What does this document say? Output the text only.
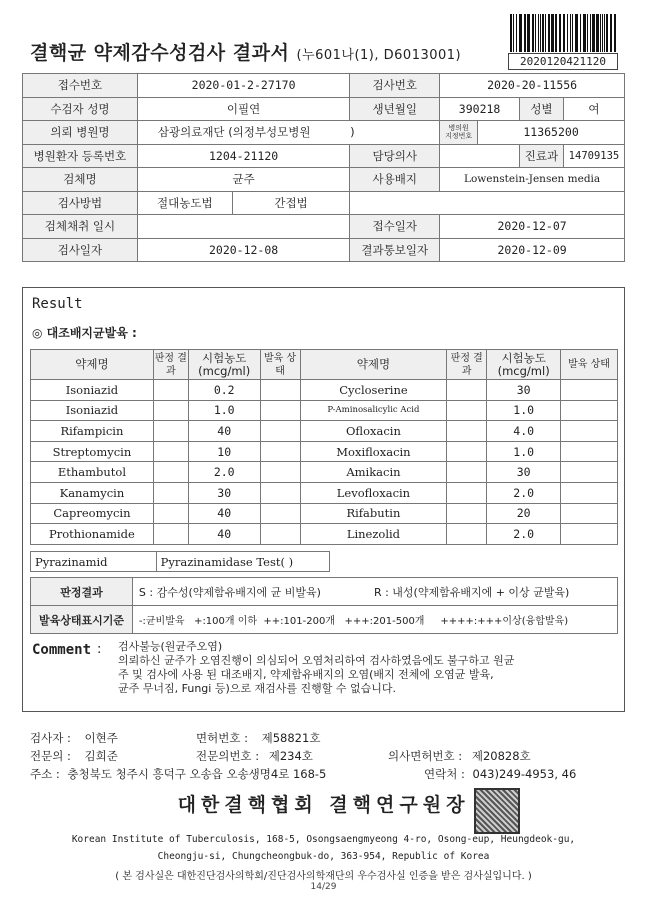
결핵균 약제감수성검사 결과서 (누601나(1), D6013001)	2020120421120
접수번호	2020-01-2-27170		검사번호	2020-20-11556			
수검자 성명	이필연		생년월일	390218		성별	여
의뢰 병원명	삼광의료재단 (의정부성모병원 )			병의원 지정번호	11365200		
병원환자 등록번호	1204-21120		담당의사			진료과	14709135
검체명	균주		사용배지	Lowenstein-Jensen media			
검사방법	절대농도법	간접법					
검체채취 일시			접수일자	2020-12-07			
검사일자	2020-12-08		결과통보일자	2020-12-09			
Result
◎ 대조배지균발육 :
약제명	판정 결과	시험농도 (mcg/ml)	발육 상태	약제명	판정 결과	시험농도 (mcg/ml)	발육 상태
Isoniazid		0.2		Cycloserine		30	
Isoniazid		1.0		P-Aminosalicylic Acid		1.0	
Rifampicin		40		Ofloxacin		4.0	
Streptomycin		10		Moxifloxacin		1.0	
Ethambutol		2.0		Amikacin		30	
Kanamycin		30		Levofloxacin		2.0	
Capreomycin		40		Rifabutin		20	
Prothionamide		40		Linezolid		2.0	
Pyrazinamid	Pyrazinamidase Test( )
판정결과	S : 감수성(약제함유배지에 균 비발육)	R : 내성(약제함유배지에 + 이상 균발육)
발육상태표시기준	-:균비발육   +:100개 이하  ++:101-200개   +++:201-500개     ++++:+++이상(융합발육)	
Comment : 검사불능(원균주오염)
의뢰하신 균주가 오염진행이 의심되어 오염처리하여 검사하였음에도 불구하고 원균
주 및 검사에 사용 된 대조배지, 약제함유배지의 오염(배지 전체에 오염균 발육,
균주 무너짐, Fungi 등)으로 재검사를 진행할 수 없습니다.
검사자 : 이현주	면허번호 : 제58821호
전문의 : 김희준	전문의번호 : 제234호	의사면허번호 : 제20828호
주소 : 충청북도 청주시 흥덕구 오송읍 오송생명4로 168-5	연락처 : 043)249-4953, 46
대한결핵협회 결핵연구원장
Korean Institute of Tuberculosis, 168-5, Osongsaengmyeong 4-ro, Osong-eup, Heungdeok-gu,
Cheongju-si, Chungcheongbuk-do, 363-954, Republic of Korea
( 본 검사실은 대한진단검사의학회/진단검사의학재단의 우수검사실 인증을 받은 검사실입니다. )
14/29
